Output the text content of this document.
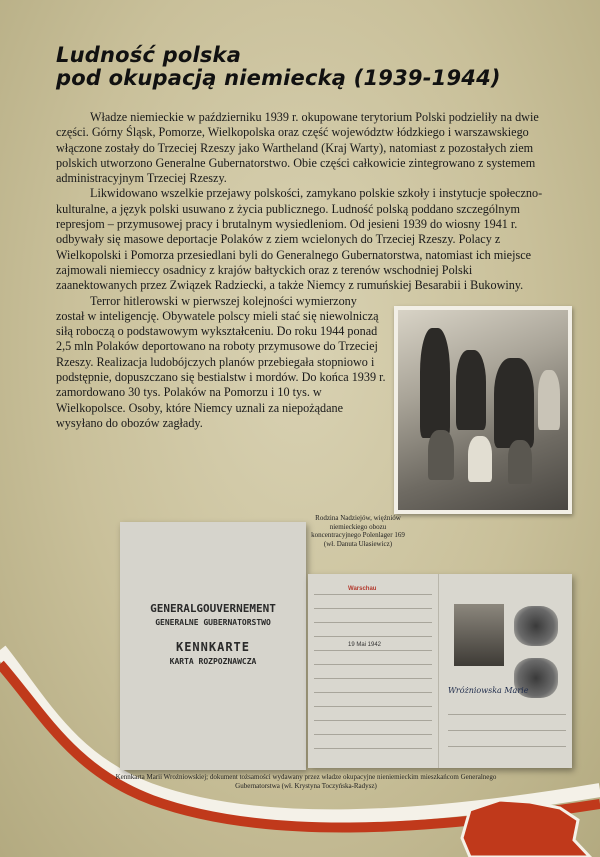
Ludność polska
pod okupacją niemiecką (1939-1944)

Władze niemieckie w październiku 1939 r. okupowane terytorium Polski podzieliły na dwie części. Górny Śląsk, Pomorze, Wielkopolska oraz część województw łódzkiego i warszawskiego włączone zostały do Trzeciej Rzeszy jako Wartheland (Kraj Warty), natomiast z pozostałych ziem polskich utworzono Generalne Gubernatorstwo. Obie części całkowicie zintegrowano z systemem administracyjnym Trzeciej Rzeszy.

Likwidowano wszelkie przejawy polskości, zamykano polskie szkoły i instytucje społeczno-kulturalne, a język polski usuwano z życia publicznego. Ludność polską poddano szczególnym represjom – przymusowej pracy i brutalnym wysiedleniom. Od jesieni 1939 do wiosny 1941 r. odbywały się masowe deportacje Polaków z ziem wcielonych do Trzeciej Rzeszy. Polacy z Wielkopolski i Pomorza przesiedlani byli do Generalnego Gubernatorstwa, natomiast ich miejsce zajmowali niemieccy osadnicy z krajów bałtyckich oraz z terenów wschodniej Polski zaanektowanych przez Związek Radziecki, a także Niemcy z rumuńskiej Besarabii i Bukowiny.

Terror hitlerowski w pierwszej kolejności wymierzony został w inteligencję. Obywatele polscy mieli stać się niewolniczą siłą roboczą o podstawowym wykształceniu. Do roku 1944 ponad 2,5 mln Polaków deportowano na roboty przymusowe do Trzeciej Rzeszy. Realizacja ludobójczych planów przebiegała stopniowo i podstępnie, dopuszczano się bestialstw i mordów. Do końca 1939 r. zamordowano 30 tys. Polaków na Pomorzu i 10 tys. w Wielkopolsce. Osoby, które Niemcy uznali za niepożądane wysyłano do obozów zagłady.

Rodzina Nadziejów, więźniów niemieckiego obozu koncentracyjnego Polenlager 169 (wł. Danuta Ułasiewicz)
GENERALGOUVERNEMENT
GENERALNE GUBERNATORSTWO
KENNKARTE
KARTA ROZPOZNAWCZA
Warschau
19 Mai 1942
Wróżniowska Marie
Kennkarta Marii Wroźniowskiej; dokument tożsamości wydawany przez władze okupacyjne nieniemieckim mieszkańcom Generalnego Gubernatorstwa (wł. Krystyna Toczyńska-Radysz)
